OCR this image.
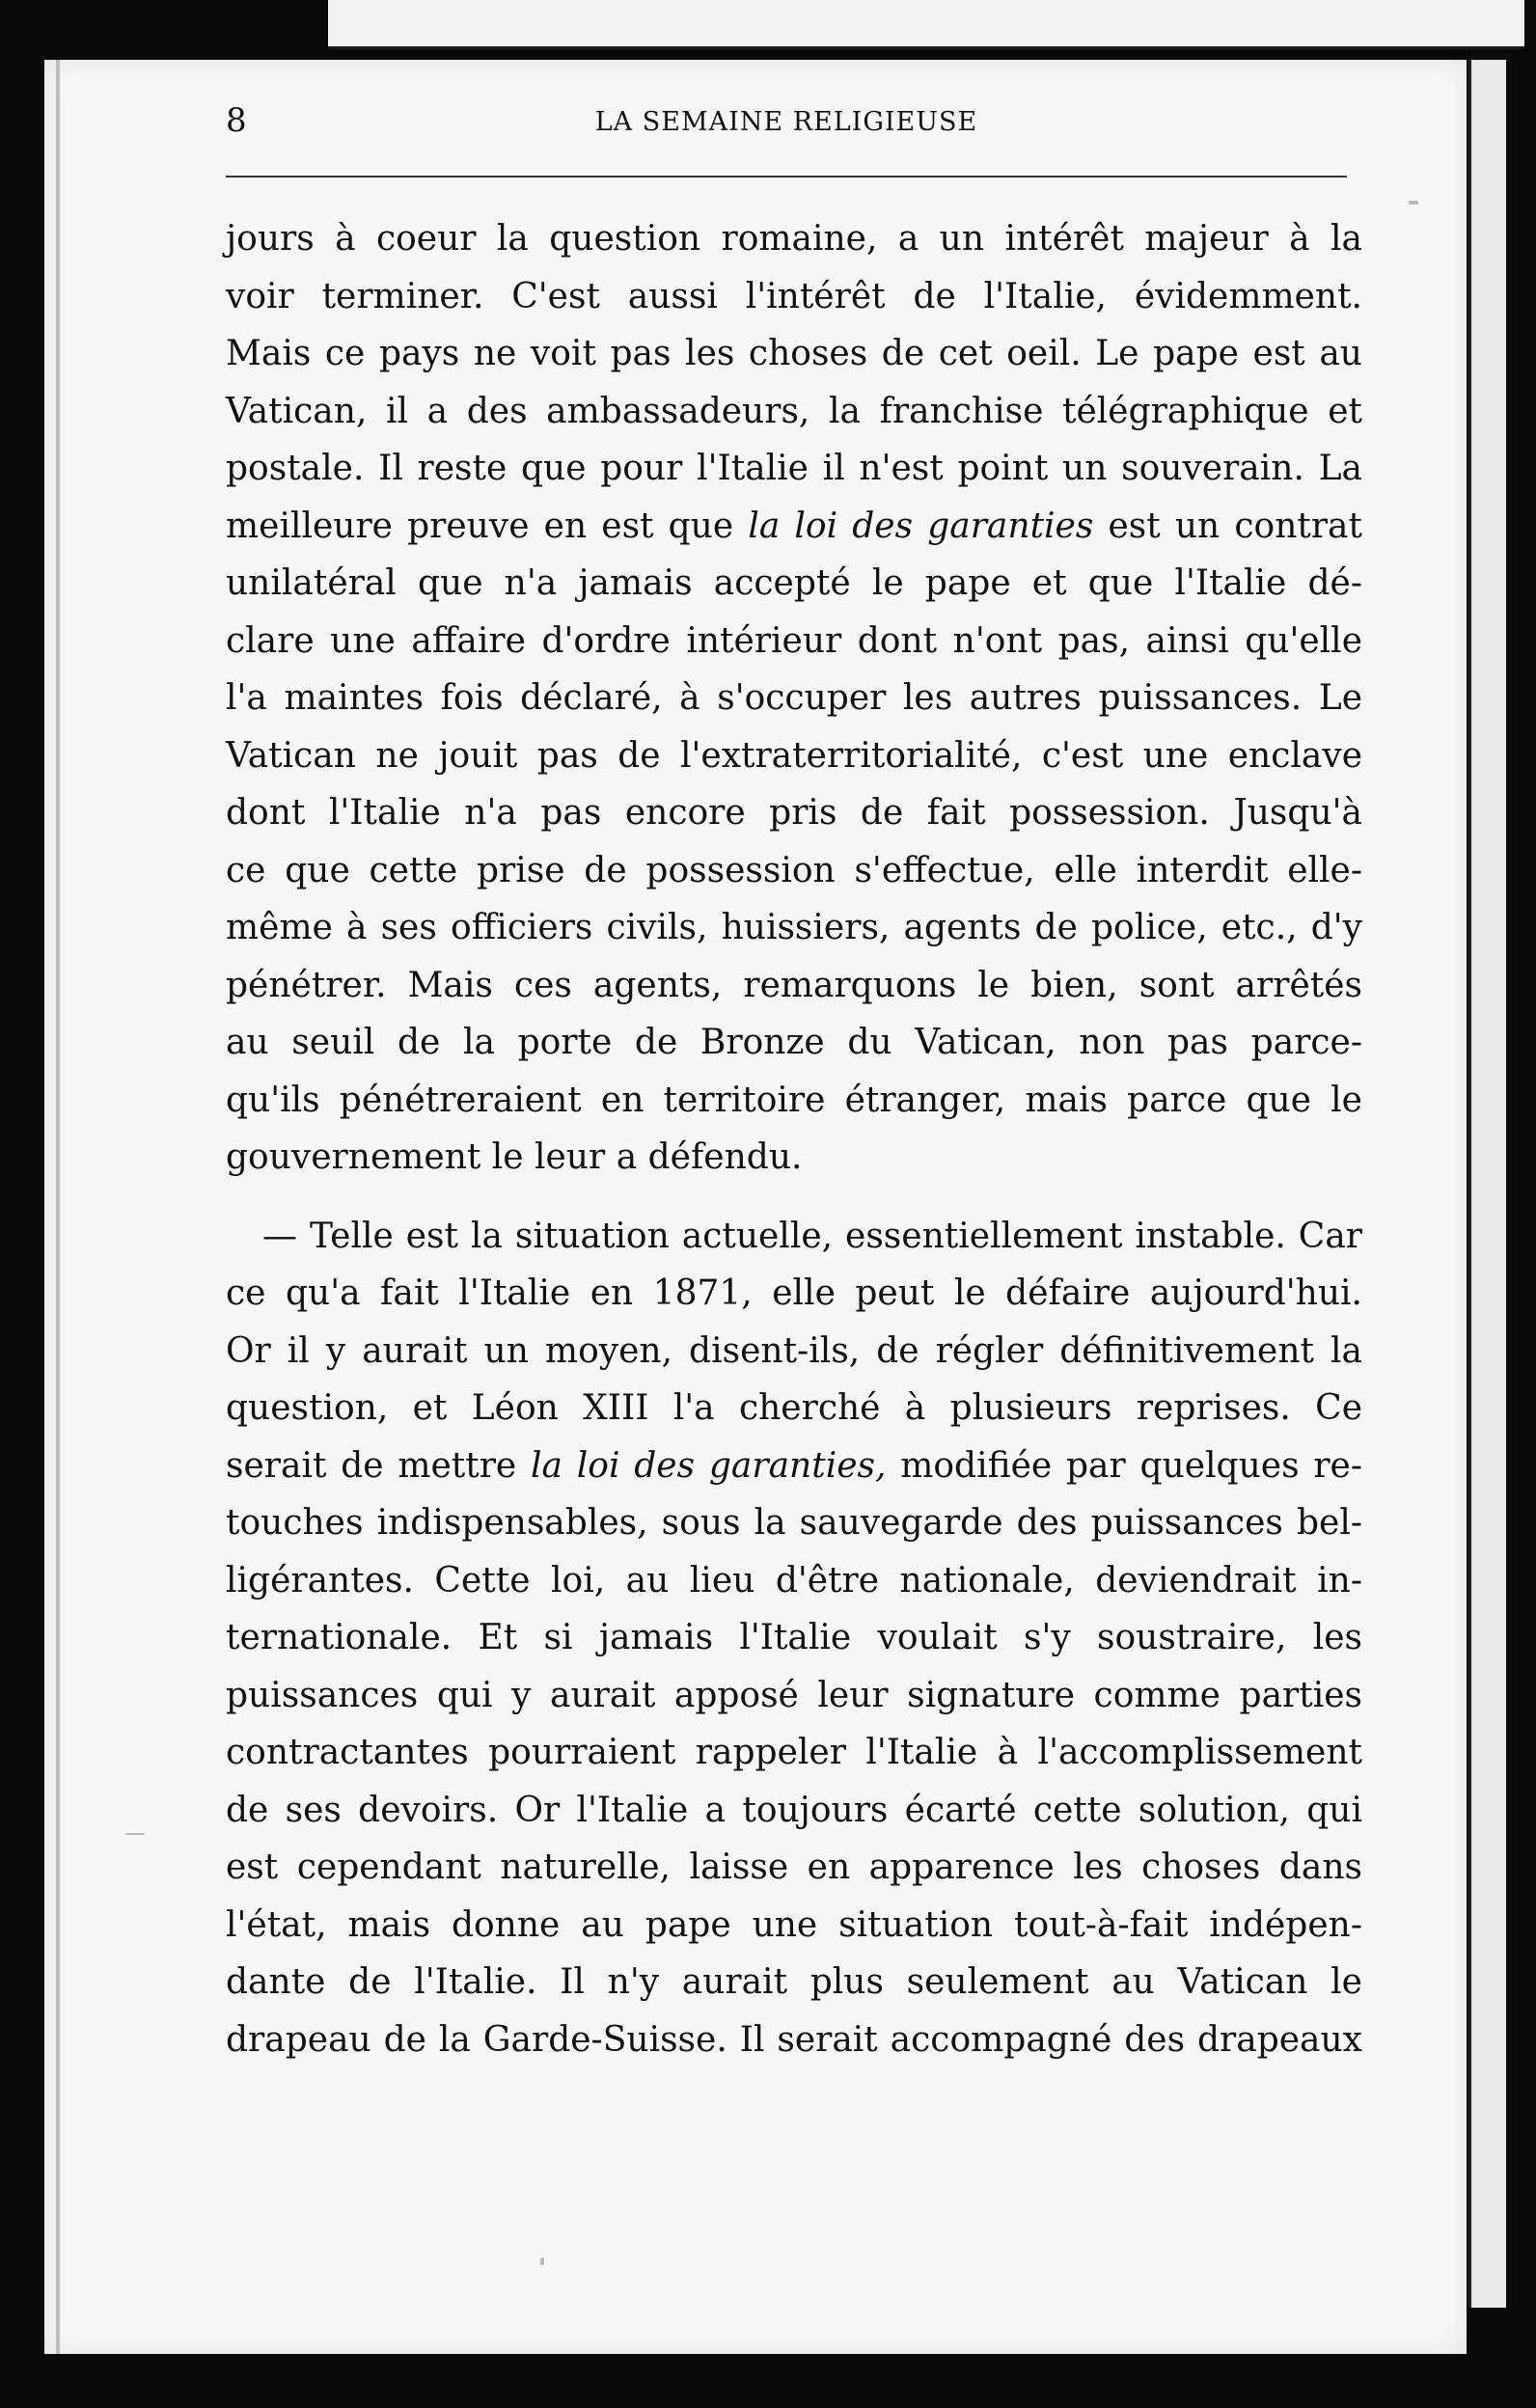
8	LA SEMAINE RELIGIEUSE
jours à coeur la question romaine, a un intérêt majeur à la
voir terminer. C'est aussi l'intérêt de l'Italie, évidemment.
Mais ce pays ne voit pas les choses de cet oeil. Le pape est au
Vatican, il a des ambassadeurs, la franchise télégraphique et
postale. Il reste que pour l'Italie il n'est point un souverain. La
meilleure preuve en est que la loi des garanties est un contrat
unilatéral que n'a jamais accepté le pape et que l'Italie dé-
clare une affaire d'ordre intérieur dont n'ont pas, ainsi qu'elle
l'a maintes fois déclaré, à s'occuper les autres puissances. Le
Vatican ne jouit pas de l'extraterritorialité, c'est une enclave
dont l'Italie n'a pas encore pris de fait possession. Jusqu'à
ce que cette prise de possession s'effectue, elle interdit elle-
même à ses officiers civils, huissiers, agents de police, etc., d'y
pénétrer. Mais ces agents, remarquons le bien, sont arrêtés
au seuil de la porte de Bronze du Vatican, non pas parce-
qu'ils pénétreraient en territoire étranger, mais parce que le
gouvernement le leur a défendu.
— Telle est la situation actuelle, essentiellement instable. Car
ce qu'a fait l'Italie en 1871, elle peut le défaire aujourd'hui.
Or il y aurait un moyen, disent-ils, de régler définitivement la
question, et Léon XIII l'a cherché à plusieurs reprises. Ce
serait de mettre la loi des garanties, modifiée par quelques re-
touches indispensables, sous la sauvegarde des puissances bel-
ligérantes. Cette loi, au lieu d'être nationale, deviendrait in-
ternationale. Et si jamais l'Italie voulait s'y soustraire, les
puissances qui y aurait apposé leur signature comme parties
contractantes pourraient rappeler l'Italie à l'accomplissement
de ses devoirs. Or l'Italie a toujours écarté cette solution, qui
est cependant naturelle, laisse en apparence les choses dans
l'état, mais donne au pape une situation tout-à-fait indépen-
dante de l'Italie. Il n'y aurait plus seulement au Vatican le
drapeau de la Garde-Suisse. Il serait accompagné des drapeaux
